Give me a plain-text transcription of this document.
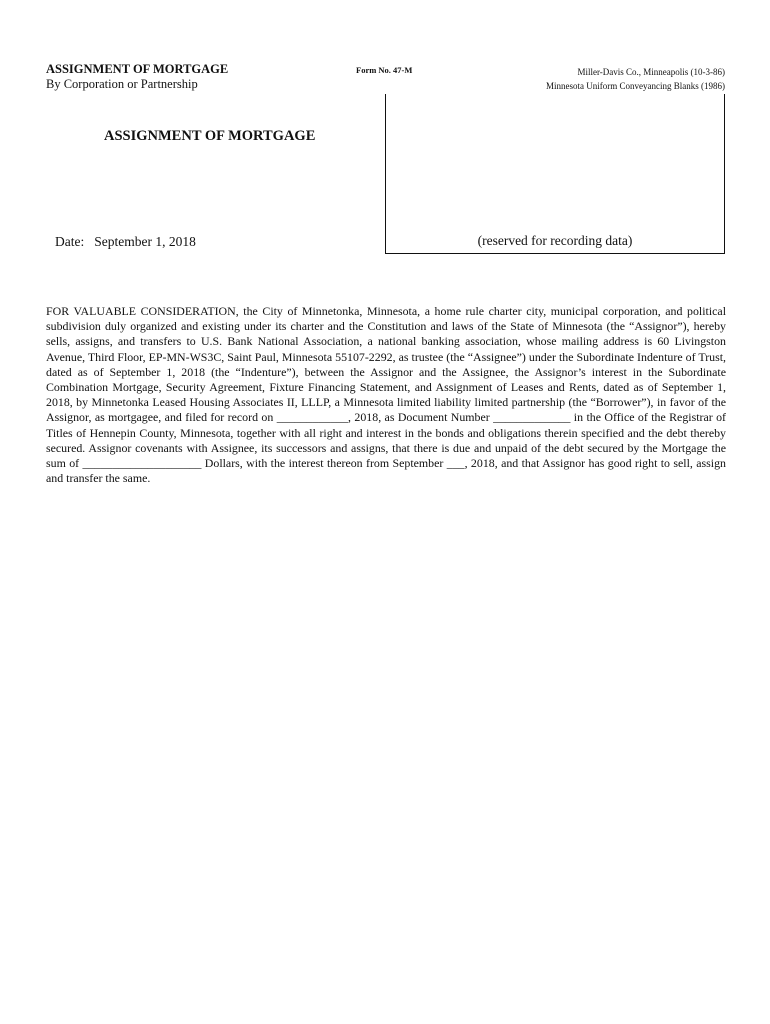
ASSIGNMENT OF MORTGAGE
By Corporation or Partnership
Form No. 47-M	Miller-Davis Co., Minneapolis (10-3-86)
Minnesota Uniform Conveyancing Blanks (1986)
(reserved for recording data)
ASSIGNMENT OF MORTGAGE
Date: September 1, 2018
FOR VALUABLE CONSIDERATION, the City of Minnetonka, Minnesota, a home rule charter city, municipal corporation, and political subdivision duly organized and existing under its charter and the Constitution and laws of the State of Minnesota (the “Assignor”), hereby sells, assigns, and transfers to U.S. Bank National Association, a national banking association, whose mailing address is 60 Livingston Avenue, Third Floor, EP-MN-WS3C, Saint Paul, Minnesota 55107-2292, as trustee (the “Assignee”) under the Subordinate Indenture of Trust, dated as of September 1, 2018 (the “Indenture”), between the Assignor and the Assignee, the Assignor’s interest in the Subordinate Combination Mortgage, Security Agreement, Fixture Financing Statement, and Assignment of Leases and Rents, dated as of September 1, 2018, by Minnetonka Leased Housing Associates II, LLLP, a Minnesota limited liability limited partnership (the “Borrower”), in favor of the Assignor, as mortgagee, and filed for record on ____________, 2018, as Document Number _____________ in the Office of the Registrar of Titles of Hennepin County, Minnesota, together with all right and interest in the bonds and obligations therein specified and the debt thereby secured. Assignor covenants with Assignee, its successors and assigns, that there is due and unpaid of the debt secured by the Mortgage the sum of ____________________ Dollars, with the interest thereon from September ___, 2018, and that Assignor has good right to sell, assign and transfer the same.
